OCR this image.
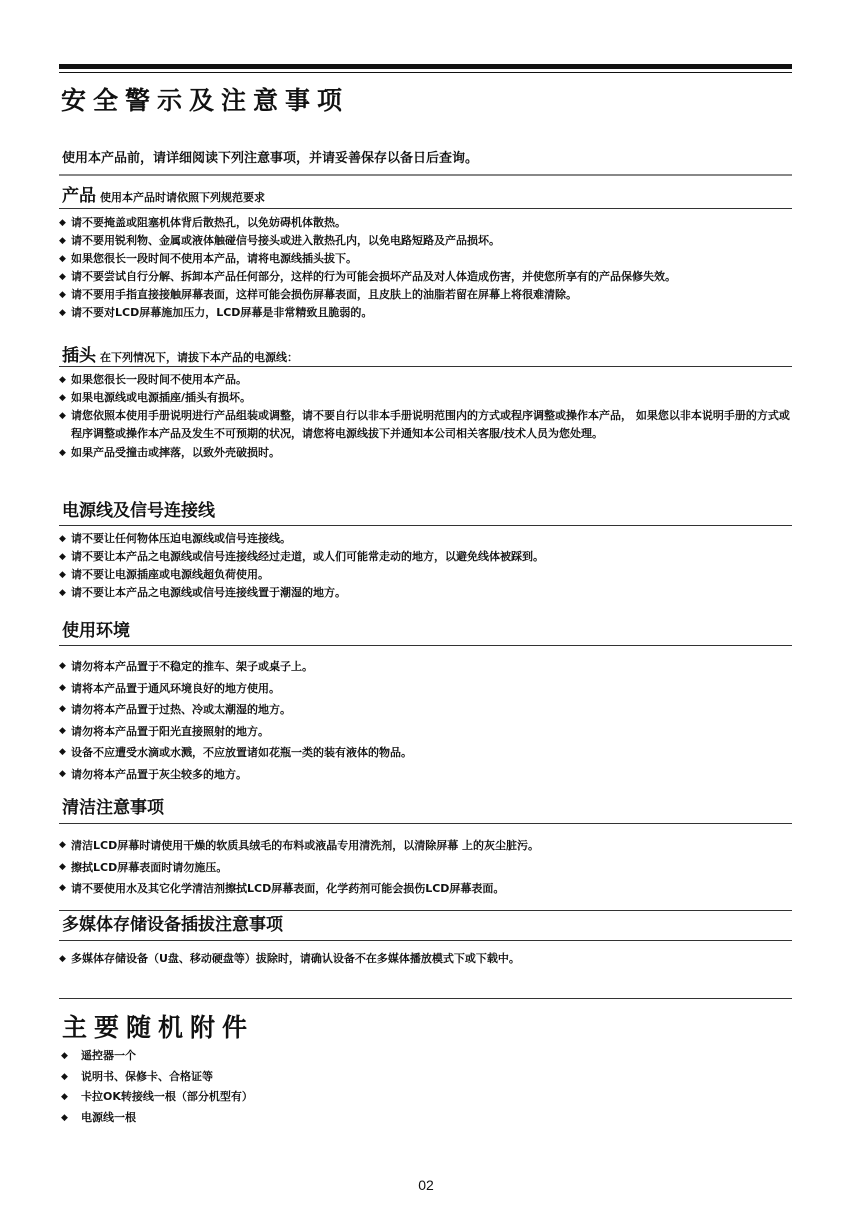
安全警示及注意事项
使用本产品前，请详细阅读下列注意事项，并请妥善保存以备日后查询。
产品 使用本产品时请依照下列规范要求
◆ 请不要掩盖或阻塞机体背后散热孔，以免妨碍机体散热。
◆ 请不要用锐利物、金属或液体触碰信号接头或进入散热孔内，以免电路短路及产品损坏。
◆ 如果您很长一段时间不使用本产品，请将电源线插头拔下。
◆ 请不要尝试自行分解、拆卸本产品任何部分，这样的行为可能会损坏产品及对人体造成伤害，并使您所享有的产品保修失效。
◆ 请不要用手指直接接触屏幕表面，这样可能会损伤屏幕表面，且皮肤上的油脂若留在屏幕上将很难清除。
◆ 请不要对LCD屏幕施加压力，LCD屏幕是非常精致且脆弱的。
插头 在下列情况下，请拔下本产品的电源线：
◆ 如果您很长一段时间不使用本产品。
◆ 如果电源线或电源插座/插头有损坏。
◆ 请您依照本使用手册说明进行产品组装或调整，请不要自行以非本手册说明范围内的方式或程序调整或操作本产品， 如果您以非本说明手册的方式或程序调整或操作本产品及发生不可预期的状况，请您将电源线拔下并通知本公司相关客服/技术人员为您处理。
◆ 如果产品受撞击或摔落，以致外壳破损时。
电源线及信号连接线
◆ 请不要让任何物体压迫电源线或信号连接线。
◆ 请不要让本产品之电源线或信号连接线经过走道，或人们可能常走动的地方，以避免线体被踩到。
◆ 请不要让电源插座或电源线超负荷使用。
◆ 请不要让本产品之电源线或信号连接线置于潮湿的地方。
使用环境
◆ 请勿将本产品置于不稳定的推车、架子或桌子上。
◆ 请将本产品置于通风环境良好的地方使用。
◆ 请勿将本产品置于过热、冷或太潮湿的地方。
◆ 请勿将本产品置于阳光直接照射的地方。
◆ 设备不应遭受水滴或水溅，不应放置诸如花瓶一类的装有液体的物品。
◆ 请勿将本产品置于灰尘较多的地方。
清洁注意事项
◆ 清洁LCD屏幕时请使用干燥的软质具绒毛的布料或液晶专用清洗剂，以清除屏幕 上的灰尘脏污。
◆ 擦拭LCD屏幕表面时请勿施压。
◆ 请不要使用水及其它化学清洁剂擦拭LCD屏幕表面，化学药剂可能会损伤LCD屏幕表面。
多媒体存储设备插拔注意事项
◆ 多媒体存储设备（U盘、移动硬盘等）拔除时，请确认设备不在多媒体播放模式下或下载中。
主要随机附件
◆ 遥控器一个
◆ 说明书、保修卡、合格证等
◆ 卡拉OK转接线一根（部分机型有）
◆ 电源线一根
02
